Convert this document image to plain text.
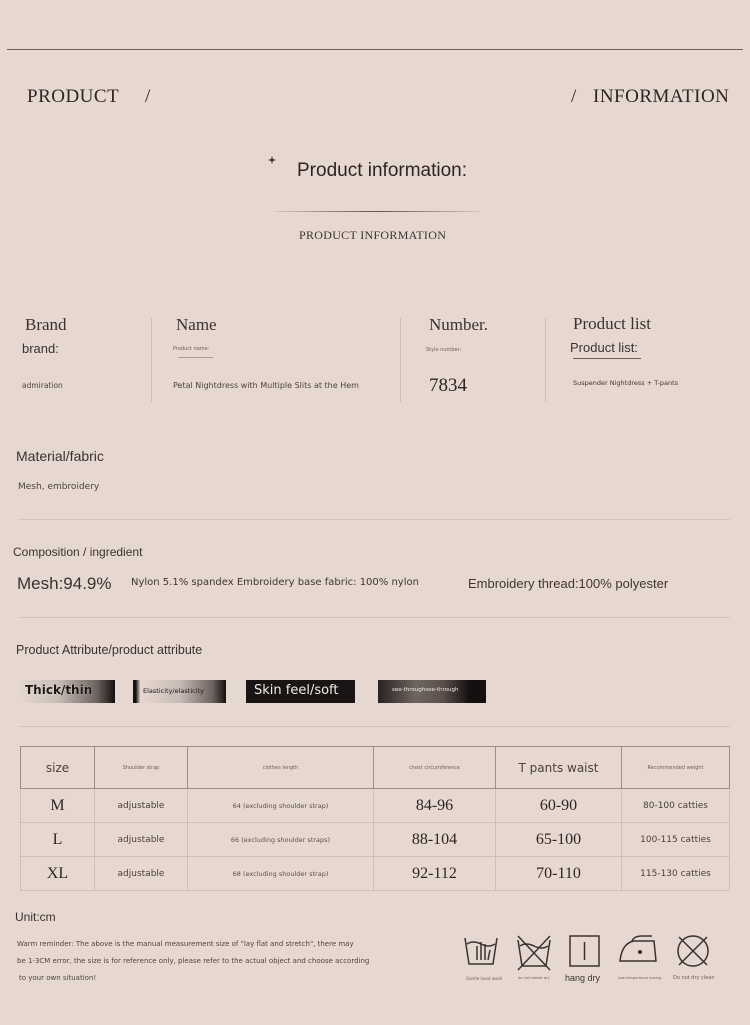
PRODUCT /	/ INFORMATION
Product information:
PRODUCT INFORMATION
Brand
brand:
admiration
Name
Product name:
Petal Nightdress with Multiple Slits at the Hem
Number.
Style number:
7834
Product list
Product list:
Suspender Nightdress + T-pants
Material/fabric
Mesh, embroidery
Composition / ingredient
Mesh:94.9% Nylon 5.1% spandex Embroidery base fabric: 100% nylon	Embroidery thread:100% polyester
Product Attribute/product attribute
Thick/thin	Elasticity/elasticity	Skin feel/soft	see-throughsee-through
size	Shoulder strap	clothes length	chest circumference	T pants waist	Recommended weight
M	adjustable	64 (excluding shoulder strap)	84-96	60-90	80-100 catties
L	adjustable	66 (excluding shoulder straps)	88-104	65-100	100-115 catties
XL	adjustable	68 (excluding shoulder strap)	92-112	70-110	115-130 catties
Unit:cm
Warm reminder: The above is the manual measurement size of "lay flat and stretch", there may
be 1-3CM error, the size is for reference only, please refer to the actual object and choose according
to your own situation!	Gentle hand wash	do not tumble dry hang dry	Low temperature ironing Do not dry clean
